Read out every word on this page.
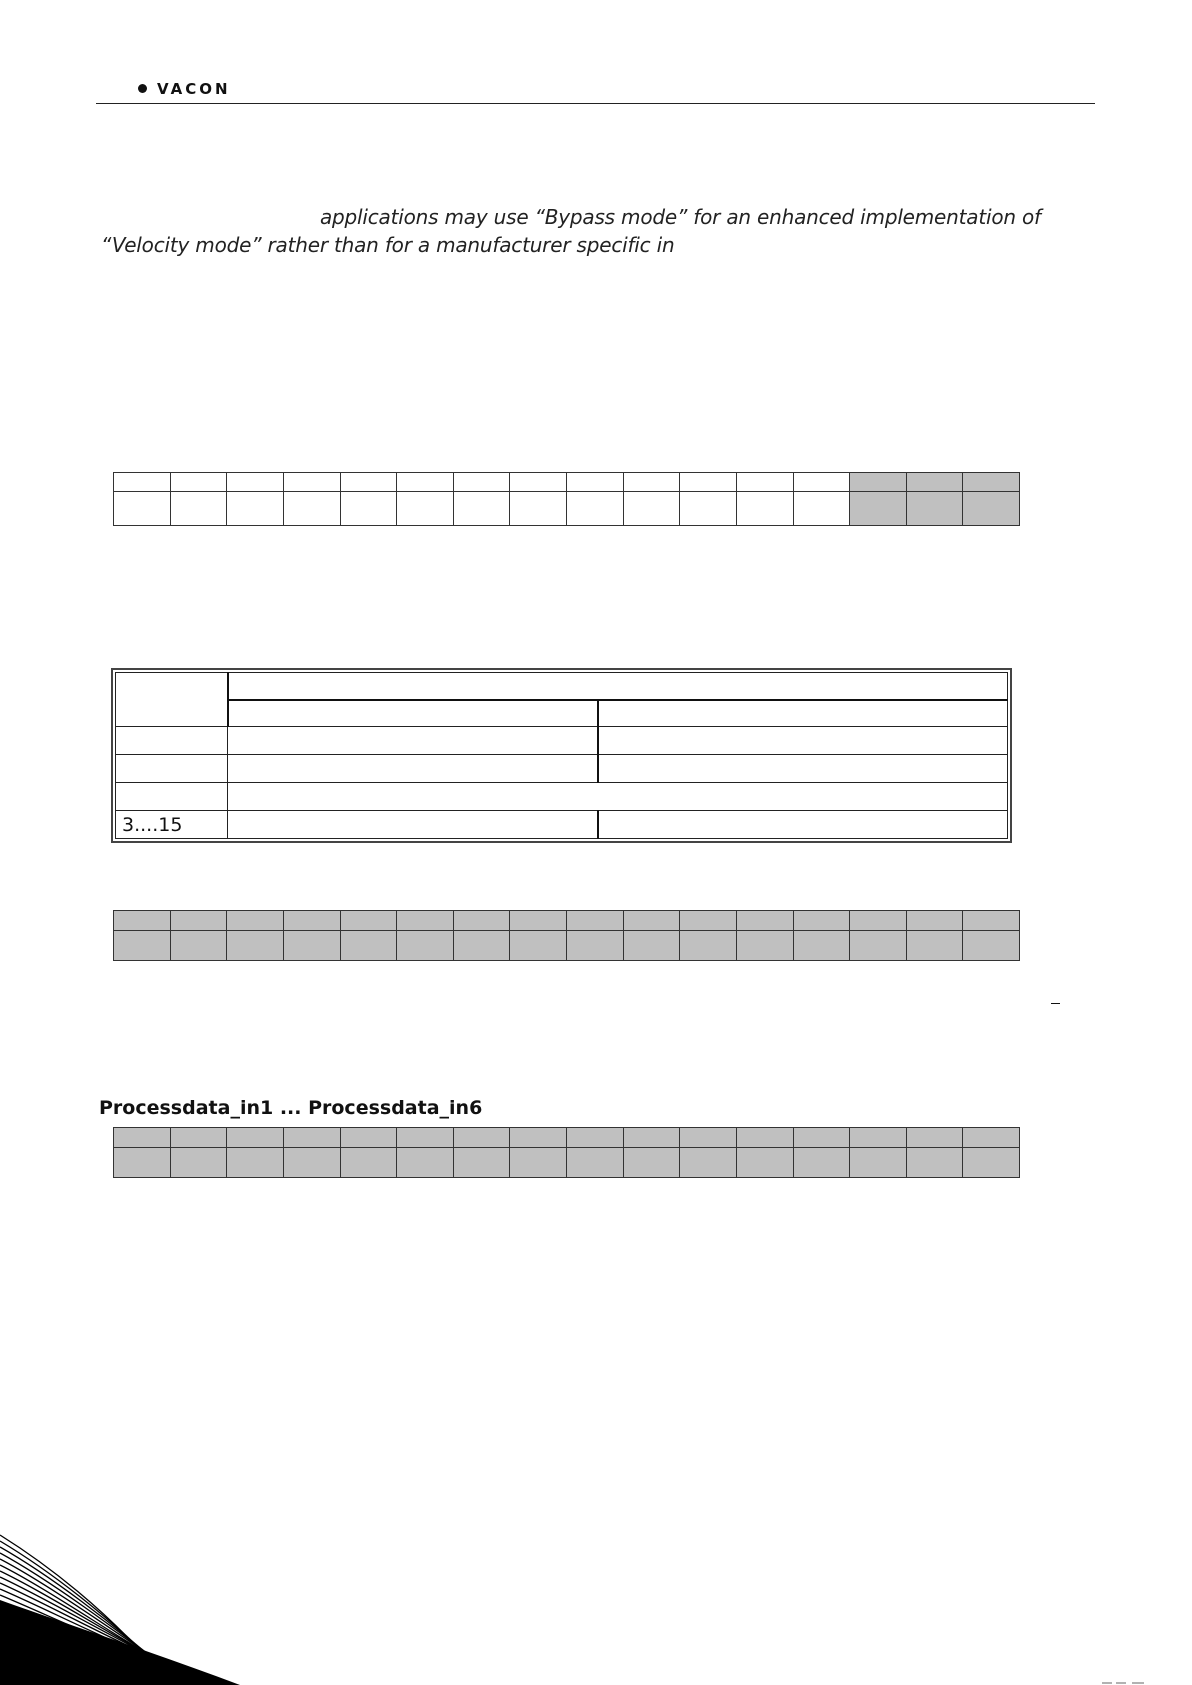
VACON
applications may use “Bypass mode” for an enhanced implementation of
“Velocity mode” rather than for a manufacturer specific in

3....15		

Processdata_in1 ... Processdata_in6
